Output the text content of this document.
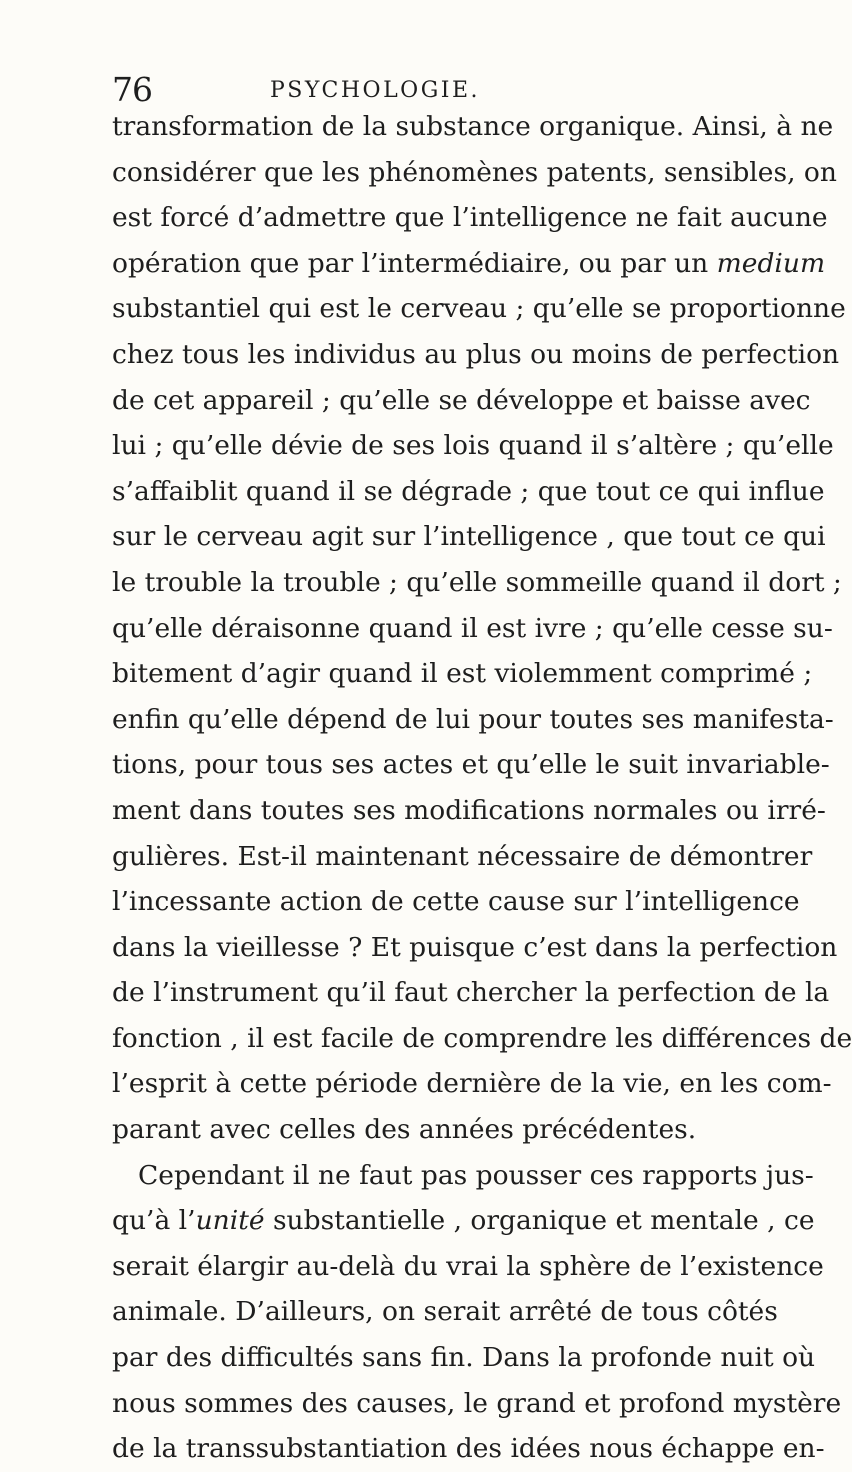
76	PSYCHOLOGIE.
transformation de la substance organique. Ainsi, à ne
considérer que les phénomènes patents, sensibles, on
est forcé d’admettre que l’intelligence ne fait aucune
opération que par l’intermédiaire, ou par un medium
substantiel qui est le cerveau ; qu’elle se proportionne
chez tous les individus au plus ou moins de perfection
de cet appareil ; qu’elle se développe et baisse avec
lui ; qu’elle dévie de ses lois quand il s’altère ; qu’elle
s’affaiblit quand il se dégrade ; que tout ce qui influe
sur le cerveau agit sur l’intelligence , que tout ce qui
le trouble la trouble ; qu’elle sommeille quand il dort ;
qu’elle déraisonne quand il est ivre ; qu’elle cesse su-
bitement d’agir quand il est violemment comprimé ;
enfin qu’elle dépend de lui pour toutes ses manifesta-
tions, pour tous ses actes et qu’elle le suit invariable-
ment dans toutes ses modifications normales ou irré-
gulières. Est-il maintenant nécessaire de démontrer
l’incessante action de cette cause sur l’intelligence
dans la vieillesse ? Et puisque c’est dans la perfection
de l’instrument qu’il faut chercher la perfection de la
fonction , il est facile de comprendre les différences de
l’esprit à cette période dernière de la vie, en les com-
parant avec celles des années précédentes.
Cependant il ne faut pas pousser ces rapports jus-
qu’à l’unité substantielle , organique et mentale , ce
serait élargir au-delà du vrai la sphère de l’existence
animale. D’ailleurs, on serait arrêté de tous côtés
par des difficultés sans fin. Dans la profonde nuit où
nous sommes des causes, le grand et profond mystère
de la transsubstantiation des idées nous échappe en-
